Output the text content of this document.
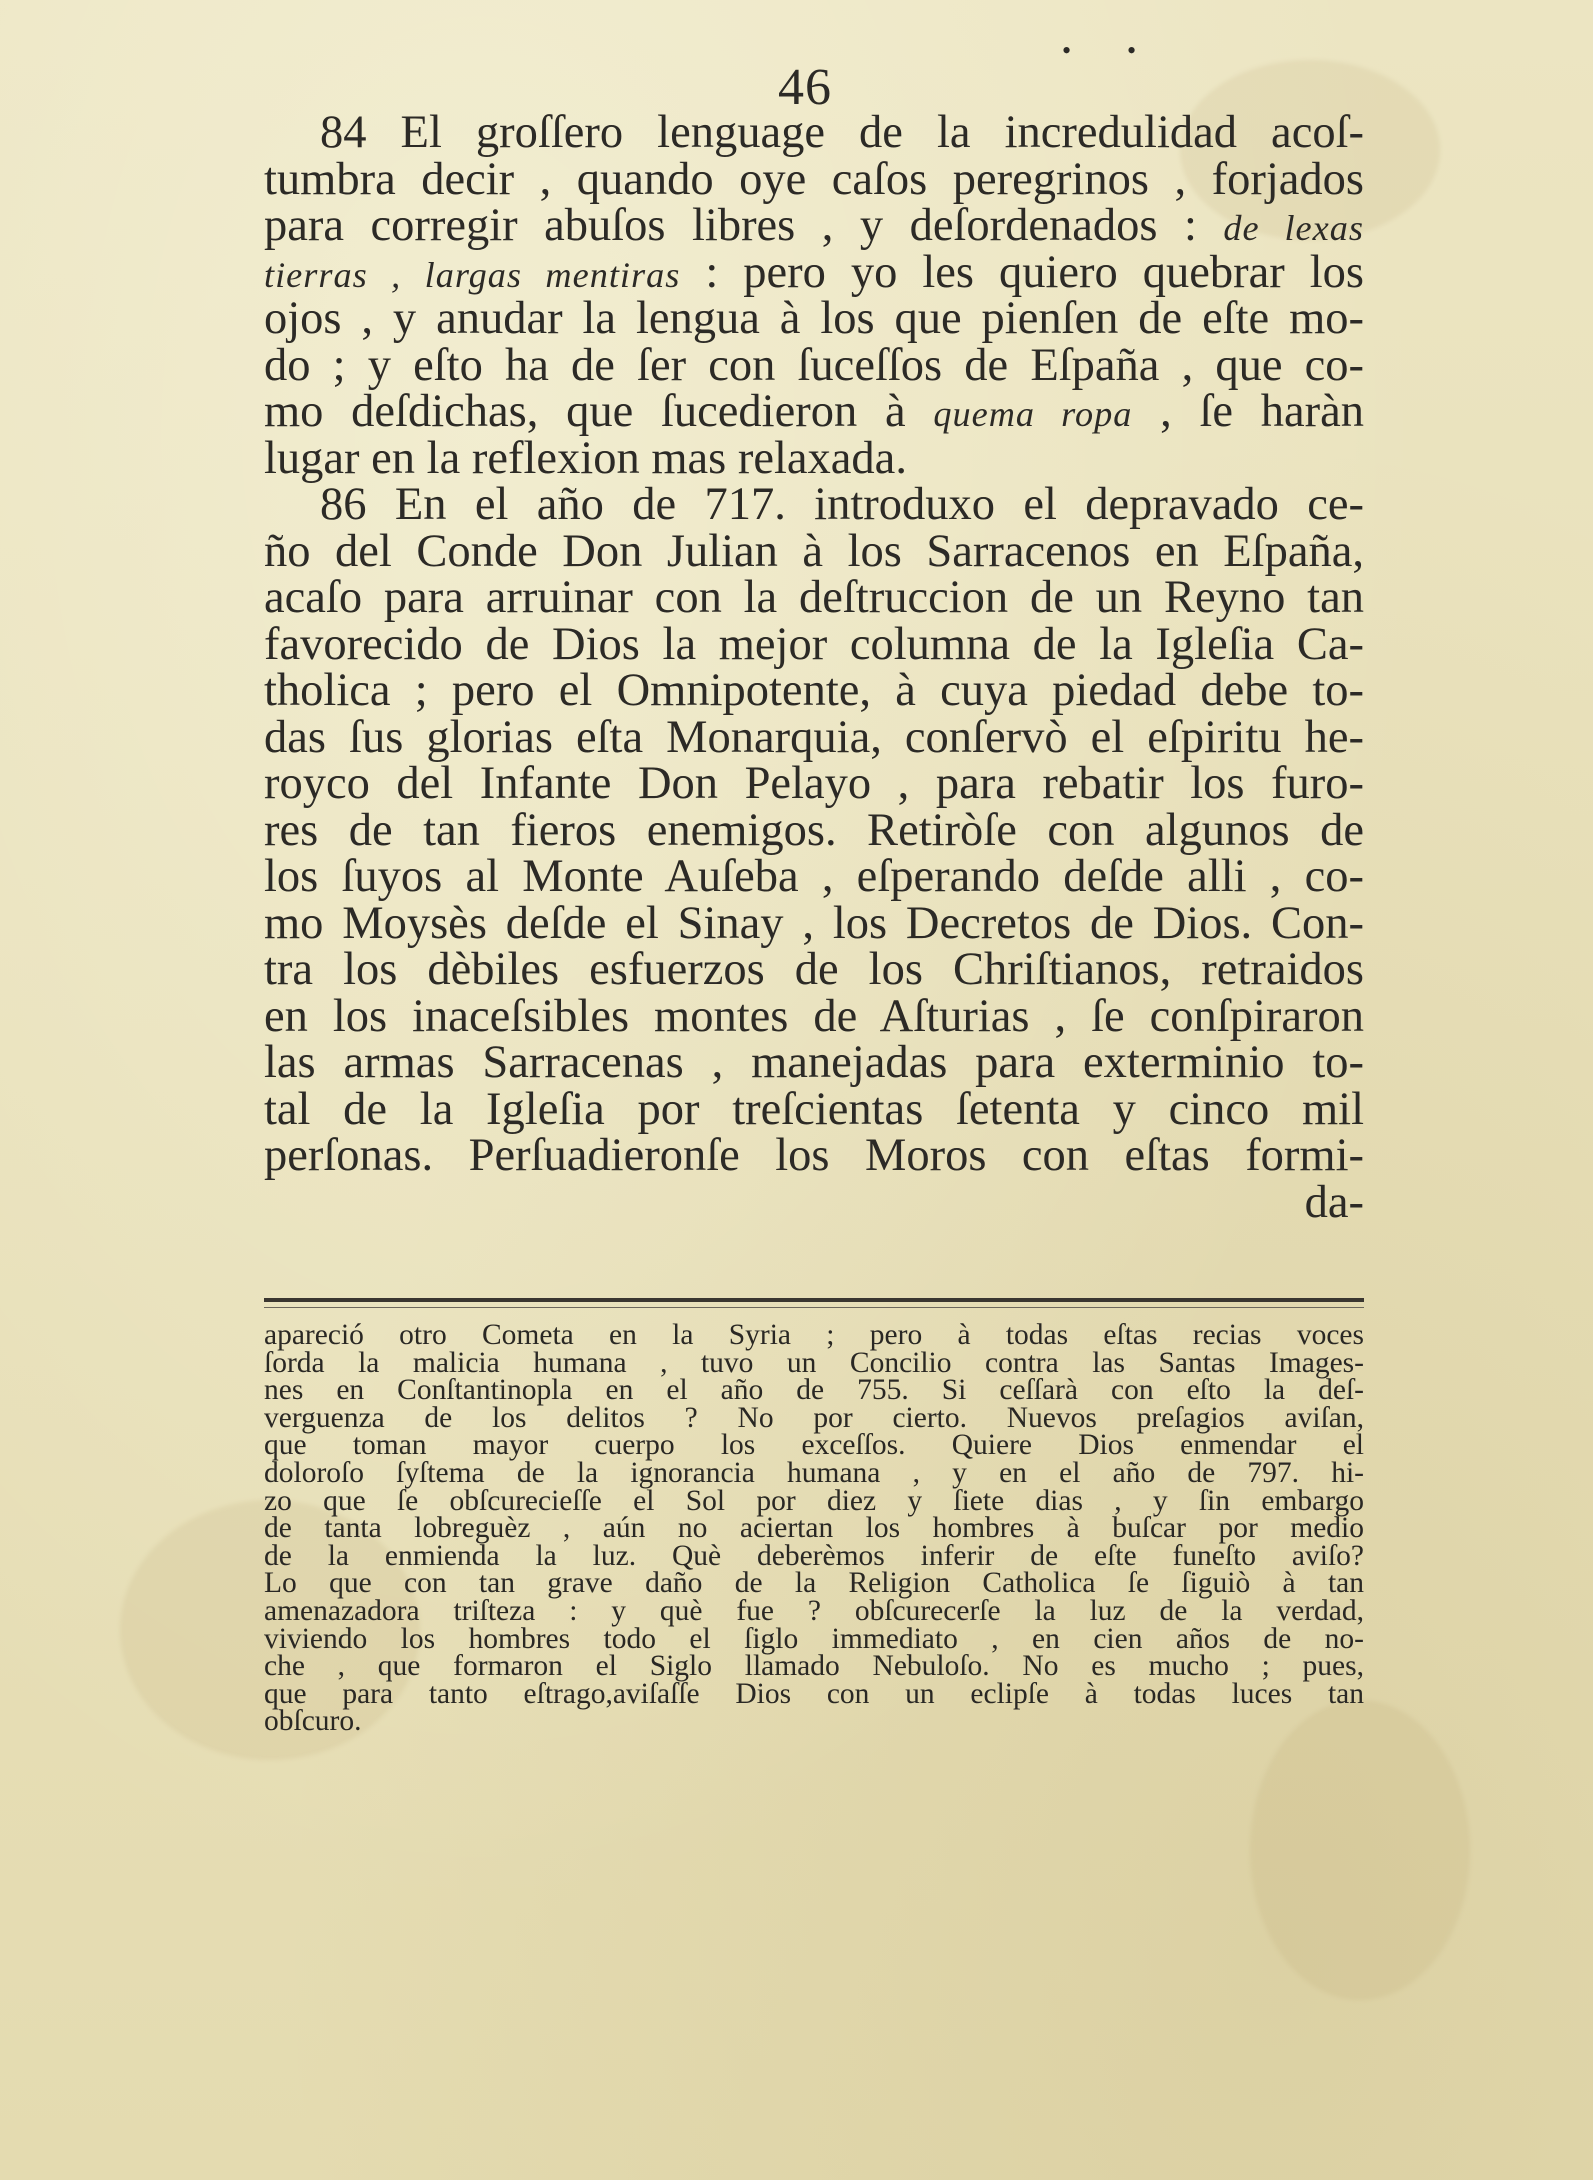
• •
46
84 El groſſero lenguage de la incredulidad acoſ-
tumbra decir , quando oye caſos peregrinos , forjados
para corregir abuſos libres , y deſordenados : de lexas
tierras , largas mentiras : pero yo les quiero quebrar los
ojos , y anudar la lengua à los que pienſen de eſte mo-
do ; y eſto ha de ſer con ſuceſſos de Eſpaña , que co-
mo deſdichas, que ſucedieron à quema ropa , ſe haràn
lugar en la reflexion mas relaxada.
86 En el año de 717. introduxo el depravado ce-
ño del Conde Don Julian à los Sarracenos en Eſpaña,
acaſo para arruinar con la deſtruccion de un Reyno tan
favorecido de Dios la mejor columna de la Igleſia Ca-
tholica ; pero el Omnipotente, à cuya piedad debe to-
das ſus glorias eſta Monarquia, conſervò el eſpiritu he-
royco del Infante Don Pelayo , para rebatir los furo-
res de tan fieros enemigos. Retiròſe con algunos de
los ſuyos al Monte Auſeba , eſperando deſde alli , co-
mo Moysès deſde el Sinay , los Decretos de Dios. Con-
tra los dèbiles esfuerzos de los Chriſtianos, retraidos
en los inaceſsibles montes de Aſturias , ſe conſpiraron
las armas Sarracenas , manejadas para exterminio to-
tal de la Igleſia por treſcientas ſetenta y cinco mil
perſonas. Perſuadieronſe los Moros con eſtas formi-
da-
apareció otro Cometa en la Syria ; pero à todas eſtas recias voces
ſorda la malicia humana , tuvo un Concilio contra las Santas Images-
nes en Conſtantinopla en el año de 755. Si ceſſarà con eſto la deſ-
verguenza de los delitos ? No por cierto. Nuevos preſagios aviſan,
que toman mayor cuerpo los exceſſos. Quiere Dios enmendar el
doloroſo ſyſtema de la ignorancia humana , y en el año de 797. hi-
zo que ſe obſcurecieſſe el Sol por diez y ſiete dias , y ſin embargo
de tanta lobreguèz , aún no aciertan los hombres à buſcar por medio
de la enmienda la luz. Què deberèmos inferir de eſte funeſto aviſo?
Lo que con tan grave daño de la Religion Catholica ſe ſiguiò à tan
amenazadora triſteza : y què fue ? obſcurecerſe la luz de la verdad,
viviendo los hombres todo el ſiglo immediato , en cien años de no-
che , que formaron el Siglo llamado Nebuloſo. No es mucho ; pues,
que para tanto eſtrago,aviſaſſe Dios con un eclipſe à todas luces tan
obſcuro.
